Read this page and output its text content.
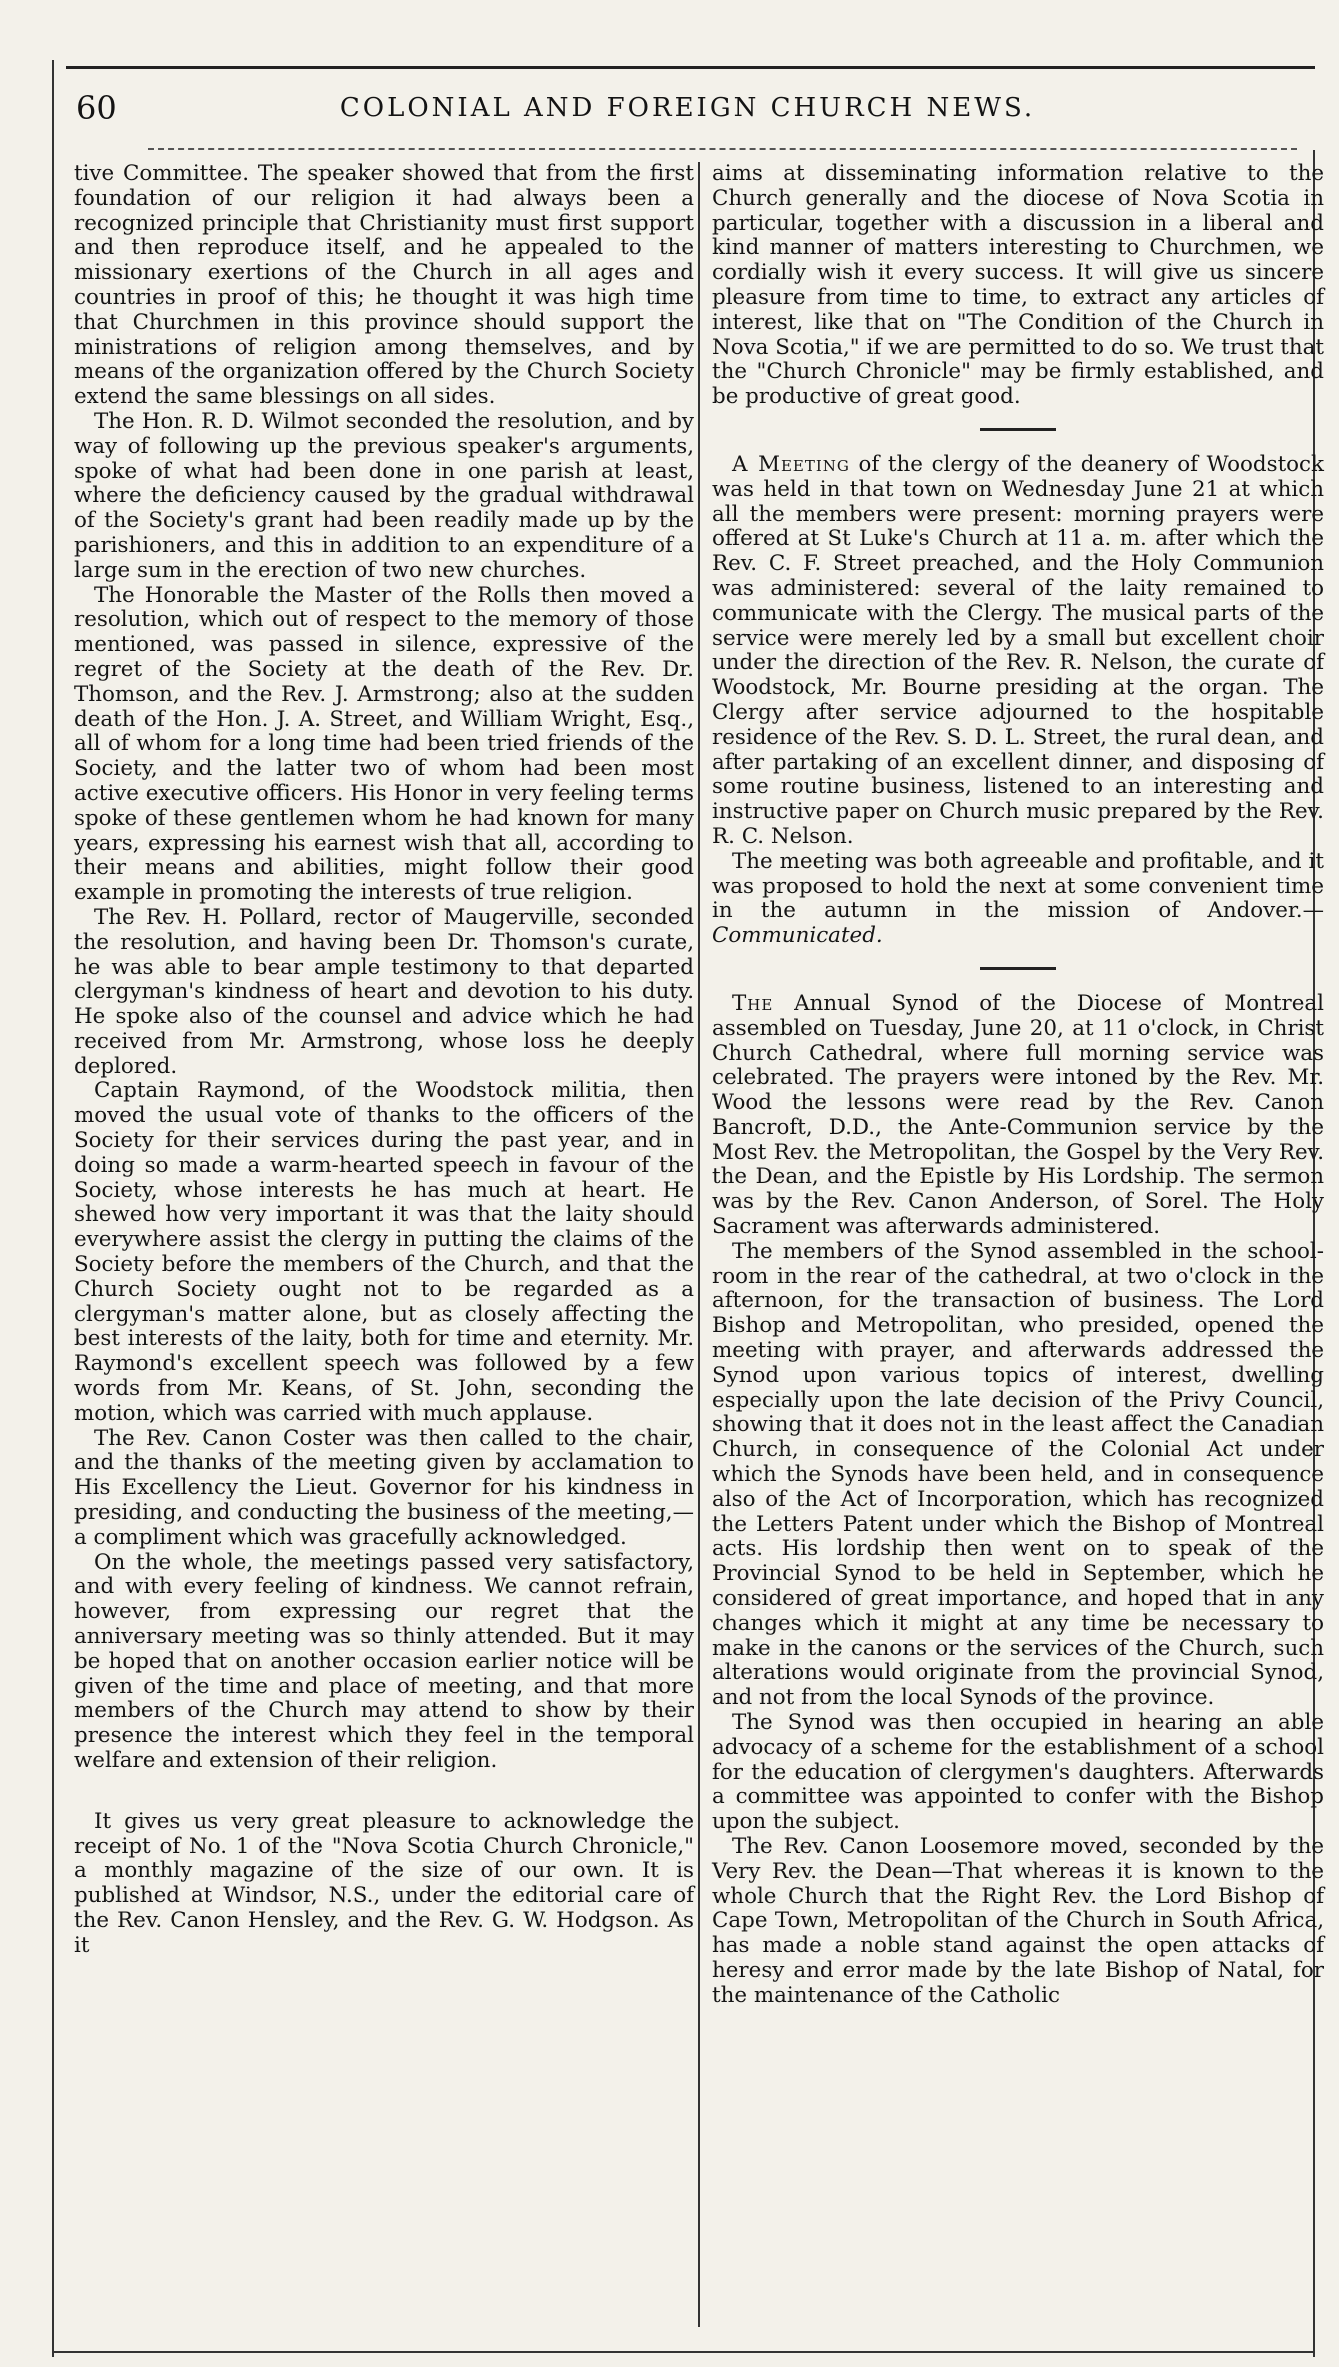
60	COLONIAL AND FOREIGN CHURCH NEWS.

tive Committee. The speaker showed that from the first foundation of our religion it had always been a recognized principle that Christianity must first support and then reproduce itself, and he appealed to the missionary exertions of the Church in all ages and countries in proof of this; he thought it was high time that Churchmen in this province should support the ministrations of religion among themselves, and by means of the organization offered by the Church Society extend the same blessings on all sides.

The Hon. R. D. Wilmot seconded the resolution, and by way of following up the previous speaker's arguments, spoke of what had been done in one parish at least, where the deficiency caused by the gradual withdrawal of the Society's grant had been readily made up by the parishioners, and this in addition to an expenditure of a large sum in the erection of two new churches.

The Honorable the Master of the Rolls then moved a resolution, which out of respect to the memory of those mentioned, was passed in silence, expressive of the regret of the Society at the death of the Rev. Dr. Thomson, and the Rev. J. Armstrong; also at the sudden death of the Hon. J. A. Street, and William Wright, Esq., all of whom for a long time had been tried friends of the Society, and the latter two of whom had been most active executive officers. His Honor in very feeling terms spoke of these gentlemen whom he had known for many years, expressing his earnest wish that all, according to their means and abilities, might follow their good example in promoting the interests of true religion.

The Rev. H. Pollard, rector of Maugerville, seconded the resolution, and having been Dr. Thomson's curate, he was able to bear ample testimony to that departed clergyman's kindness of heart and devotion to his duty. He spoke also of the counsel and advice which he had received from Mr. Armstrong, whose loss he deeply deplored.

Captain Raymond, of the Woodstock militia, then moved the usual vote of thanks to the officers of the Society for their services during the past year, and in doing so made a warm-hearted speech in favour of the Society, whose interests he has much at heart. He shewed how very important it was that the laity should everywhere assist the clergy in putting the claims of the Society before the members of the Church, and that the Church Society ought not to be regarded as a clergyman's matter alone, but as closely affecting the best interests of the laity, both for time and eternity. Mr. Raymond's excellent speech was followed by a few words from Mr. Keans, of St. John, seconding the motion, which was carried with much applause.

The Rev. Canon Coster was then called to the chair, and the thanks of the meeting given by acclamation to His Excellency the Lieut. Governor for his kindness in presiding, and conducting the business of the meeting,—a compliment which was gracefully acknowledged.

On the whole, the meetings passed very satisfactory, and with every feeling of kindness. We cannot refrain, however, from expressing our regret that the anniversary meeting was so thinly attended. But it may be hoped that on another occasion earlier notice will be given of the time and place of meeting, and that more members of the Church may attend to show by their presence the interest which they feel in the temporal welfare and extension of their religion.

It gives us very great pleasure to acknowledge the receipt of No. 1 of the "Nova Scotia Church Chronicle," a monthly magazine of the size of our own. It is published at Windsor, N.S., under the editorial care of the Rev. Canon Hensley, and the Rev. G. W. Hodgson. As it

aims at disseminating information relative to the Church generally and the diocese of Nova Scotia in particular, together with a discussion in a liberal and kind manner of matters interesting to Churchmen, we cordially wish it every success. It will give us sincere pleasure from time to time, to extract any articles of interest, like that on "The Condition of the Church in Nova Scotia," if we are permitted to do so. We trust that the "Church Chronicle" may be firmly established, and be productive of great good.

A Meeting of the clergy of the deanery of Woodstock was held in that town on Wednesday June 21 at which all the members were present: morning prayers were offered at St Luke's Church at 11 a. m. after which the Rev. C. F. Street preached, and the Holy Communion was administered: several of the laity remained to communicate with the Clergy. The musical parts of the service were merely led by a small but excellent choir under the direction of the Rev. R. Nelson, the curate of Woodstock, Mr. Bourne presiding at the organ. The Clergy after service adjourned to the hospitable residence of the Rev. S. D. L. Street, the rural dean, and after partaking of an excellent dinner, and disposing of some routine business, listened to an interesting and instructive paper on Church music prepared by the Rev. R. C. Nelson.

The meeting was both agreeable and profitable, and it was proposed to hold the next at some convenient time in the autumn in the mission of Andover.—Communicated.

The Annual Synod of the Diocese of Montreal assembled on Tuesday, June 20, at 11 o'clock, in Christ Church Cathedral, where full morning service was celebrated. The prayers were intoned by the Rev. Mr. Wood the lessons were read by the Rev. Canon Bancroft, D.D., the Ante-Communion service by the Most Rev. the Metropolitan, the Gospel by the Very Rev. the Dean, and the Epistle by His Lordship. The sermon was by the Rev. Canon Anderson, of Sorel. The Holy Sacrament was afterwards administered.

The members of the Synod assembled in the school-room in the rear of the cathedral, at two o'clock in the afternoon, for the transaction of business. The Lord Bishop and Metropolitan, who presided, opened the meeting with prayer, and afterwards addressed the Synod upon various topics of interest, dwelling especially upon the late decision of the Privy Council, showing that it does not in the least affect the Canadian Church, in consequence of the Colonial Act under which the Synods have been held, and in consequence also of the Act of Incorporation, which has recognized the Letters Patent under which the Bishop of Montreal acts. His lordship then went on to speak of the Provincial Synod to be held in September, which he considered of great importance, and hoped that in any changes which it might at any time be necessary to make in the canons or the services of the Church, such alterations would originate from the provincial Synod, and not from the local Synods of the province.

The Synod was then occupied in hearing an able advocacy of a scheme for the establishment of a school for the education of clergymen's daughters. Afterwards a committee was appointed to confer with the Bishop upon the subject.

The Rev. Canon Loosemore moved, seconded by the Very Rev. the Dean—That whereas it is known to the whole Church that the Right Rev. the Lord Bishop of Cape Town, Metropolitan of the Church in South Africa, has made a noble stand against the open attacks of heresy and error made by the late Bishop of Natal, for the maintenance of the Catholic
